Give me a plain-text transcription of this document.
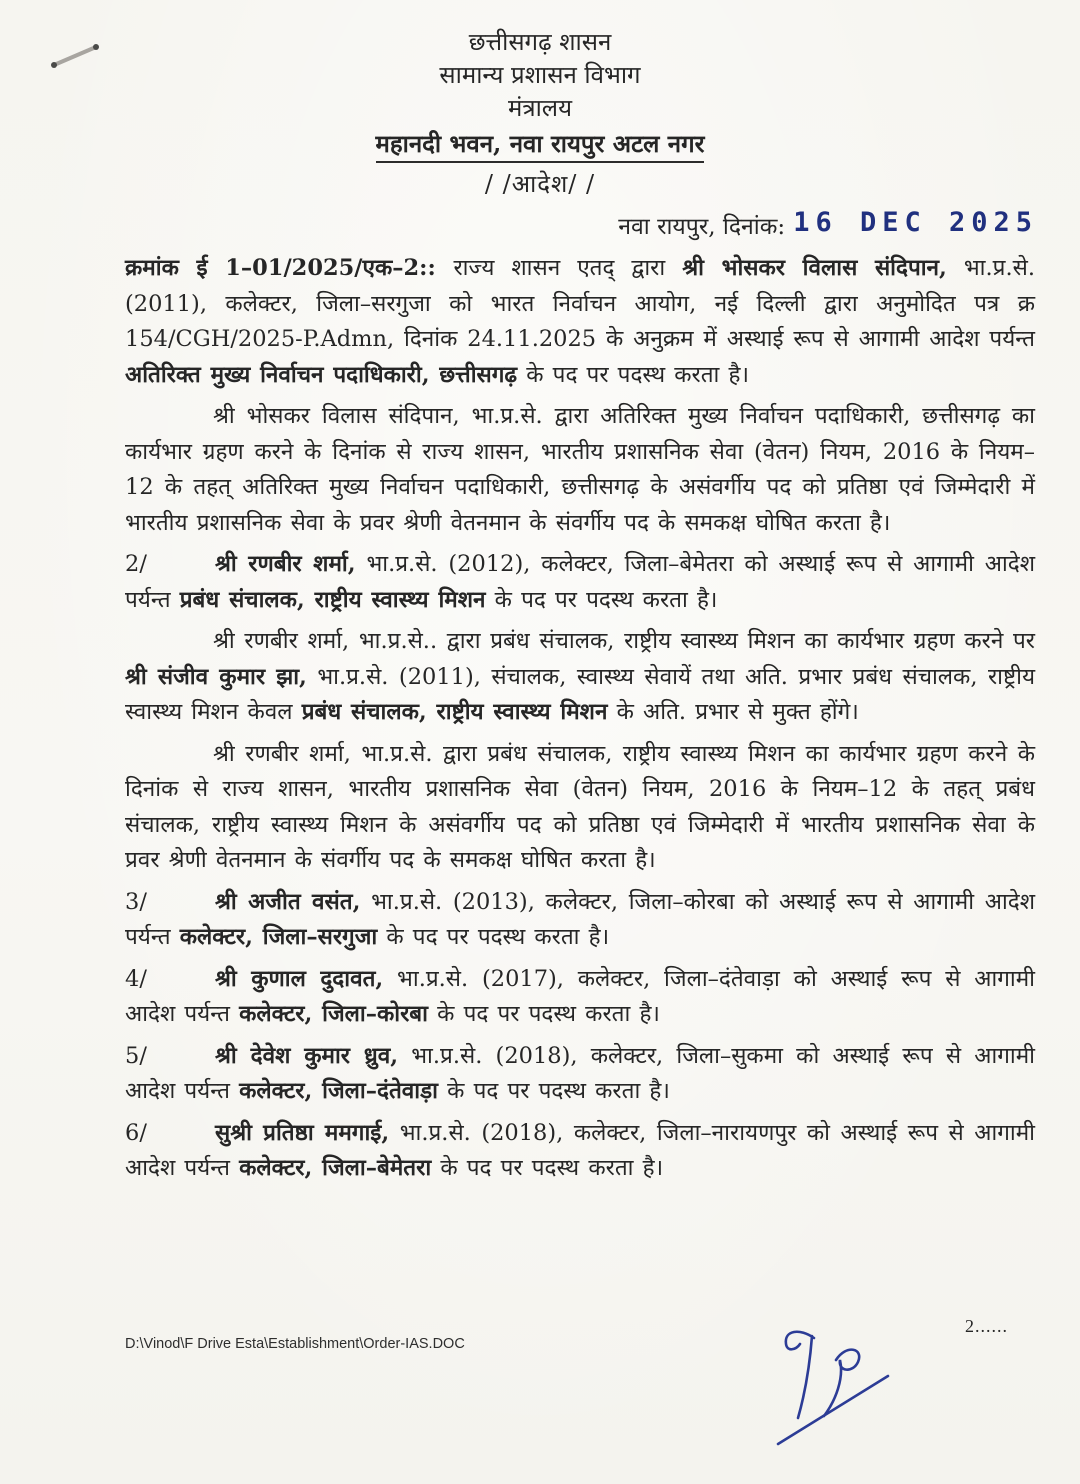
छत्तीसगढ़ शासन
सामान्य प्रशासन विभाग
मंत्रालय
महानदी भवन, नवा रायपुर अटल नगर
/ /आदेश/ /
नवा रायपुर, दिनांक: 16 DEC 2025
क्रमांक ई 1–01/2025/एक–2:: राज्य शासन एतद् द्वारा श्री भोसकर विलास संदिपान, भा.प्र.से. (2011), कलेक्टर, जिला–सरगुजा को भारत निर्वाचन आयोग, नई दिल्ली द्वारा अनुमोदित पत्र क्र 154/CGH/2025-P.Admn, दिनांक 24.11.2025 के अनुक्रम में अस्थाई रूप से आगामी आदेश पर्यन्त अतिरिक्त मुख्य निर्वाचन पदाधिकारी, छत्तीसगढ़ के पद पर पदस्थ करता है।
श्री भोसकर विलास संदिपान, भा.प्र.से. द्वारा अतिरिक्त मुख्य निर्वाचन पदाधिकारी, छत्तीसगढ़ का कार्यभार ग्रहण करने के दिनांक से राज्य शासन, भारतीय प्रशासनिक सेवा (वेतन) नियम, 2016 के नियम–12 के तहत् अतिरिक्त मुख्य निर्वाचन पदाधिकारी, छत्तीसगढ़ के असंवर्गीय पद को प्रतिष्ठा एवं जिम्मेदारी में भारतीय प्रशासनिक सेवा के प्रवर श्रेणी वेतनमान के संवर्गीय पद के समकक्ष घोषित करता है।
2/	श्री रणबीर शर्मा, भा.प्र.से. (2012), कलेक्टर, जिला–बेमेतरा को अस्थाई रूप से आगामी आदेश पर्यन्त प्रबंध संचालक, राष्ट्रीय स्वास्थ्य मिशन के पद पर पदस्थ करता है।
श्री रणबीर शर्मा, भा.प्र.से.. द्वारा प्रबंध संचालक, राष्ट्रीय स्वास्थ्य मिशन का कार्यभार ग्रहण करने पर श्री संजीव कुमार झा, भा.प्र.से. (2011), संचालक, स्वास्थ्य सेवायें तथा अति. प्रभार प्रबंध संचालक, राष्ट्रीय स्वास्थ्य मिशन केवल प्रबंध संचालक, राष्ट्रीय स्वास्थ्य मिशन के अति. प्रभार से मुक्त होंगे।
श्री रणबीर शर्मा, भा.प्र.से. द्वारा प्रबंध संचालक, राष्ट्रीय स्वास्थ्य मिशन का कार्यभार ग्रहण करने के दिनांक से राज्य शासन, भारतीय प्रशासनिक सेवा (वेतन) नियम, 2016 के नियम–12 के तहत् प्रबंध संचालक, राष्ट्रीय स्वास्थ्य मिशन के असंवर्गीय पद को प्रतिष्ठा एवं जिम्मेदारी में भारतीय प्रशासनिक सेवा के प्रवर श्रेणी वेतनमान के संवर्गीय पद के समकक्ष घोषित करता है।
3/	श्री अजीत वसंत, भा.प्र.से. (2013), कलेक्टर, जिला–कोरबा को अस्थाई रूप से आगामी आदेश पर्यन्त कलेक्टर, जिला–सरगुजा के पद पर पदस्थ करता है।
4/	श्री कुणाल दुदावत, भा.प्र.से. (2017), कलेक्टर, जिला–दंतेवाड़ा को अस्थाई रूप से आगामी आदेश पर्यन्त कलेक्टर, जिला–कोरबा के पद पर पदस्थ करता है।
5/	श्री देवेश कुमार ध्रुव, भा.प्र.से. (2018), कलेक्टर, जिला–सुकमा को अस्थाई रूप से आगामी आदेश पर्यन्त कलेक्टर, जिला–दंतेवाड़ा के पद पर पदस्थ करता है।
6/	सुश्री प्रतिष्ठा ममगाई, भा.प्र.से. (2018), कलेक्टर, जिला–नारायणपुर को अस्थाई रूप से आगामी आदेश पर्यन्त कलेक्टर, जिला–बेमेतरा के पद पर पदस्थ करता है।
2......
D:\Vinod\F Drive Esta\Establishment\Order-IAS.DOC
